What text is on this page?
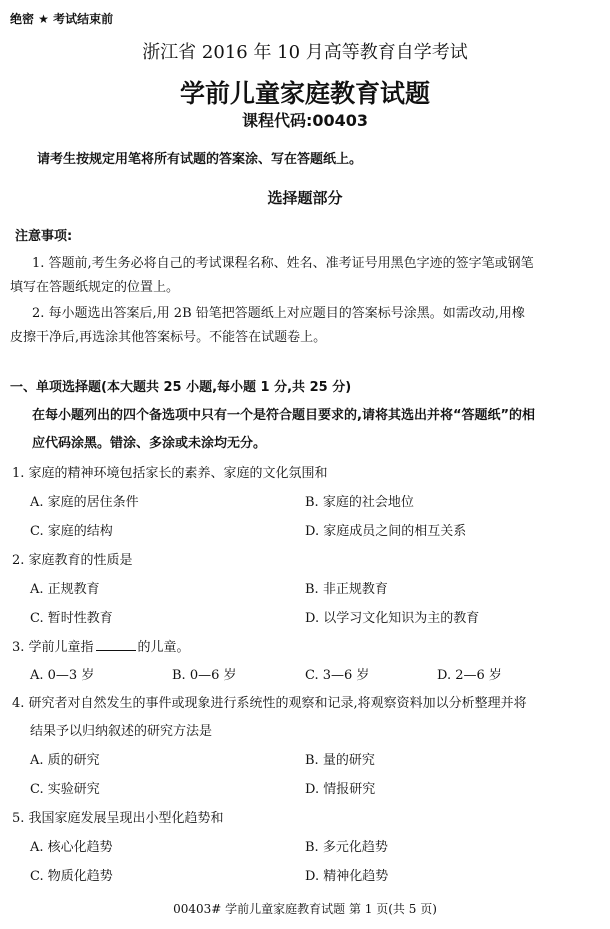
绝密 ★ 考试结束前
浙江省 2016 年 10 月高等教育自学考试
学前儿童家庭教育试题
课程代码:00403
请考生按规定用笔将所有试题的答案涂、写在答题纸上。
选择题部分
注意事项:
1. 答题前,考生务必将自己的考试课程名称、姓名、准考证号用黑色字迹的签字笔或钢笔
填写在答题纸规定的位置上。
2. 每小题选出答案后,用 2B 铅笔把答题纸上对应题目的答案标号涂黑。如需改动,用橡
皮擦干净后,再选涂其他答案标号。不能答在试题卷上。
一、单项选择题(本大题共 25 小题,每小题 1 分,共 25 分)
在每小题列出的四个备选项中只有一个是符合题目要求的,请将其选出并将“答题纸”的相
应代码涂黑。错涂、多涂或未涂均无分。
1. 家庭的精神环境包括家长的素养、家庭的文化氛围和
A. 家庭的居住条件	B. 家庭的社会地位
C. 家庭的结构	D. 家庭成员之间的相互关系
2. 家庭教育的性质是
A. 正规教育	B. 非正规教育
C. 暂时性教育	D. 以学习文化知识为主的教育
3. 学前儿童指	的儿童。
A. 0—3 岁	B. 0—6 岁	C. 3—6 岁	D. 2—6 岁
4. 研究者对自然发生的事件或现象进行系统性的观察和记录,将观察资料加以分析整理并将
结果予以归纳叙述的研究方法是
A. 质的研究	B. 量的研究
C. 实验研究	D. 情报研究
5. 我国家庭发展呈现出小型化趋势和
A. 核心化趋势	B. 多元化趋势
C. 物质化趋势	D. 精神化趋势
00403# 学前儿童家庭教育试题 第 1 页(共 5 页)
